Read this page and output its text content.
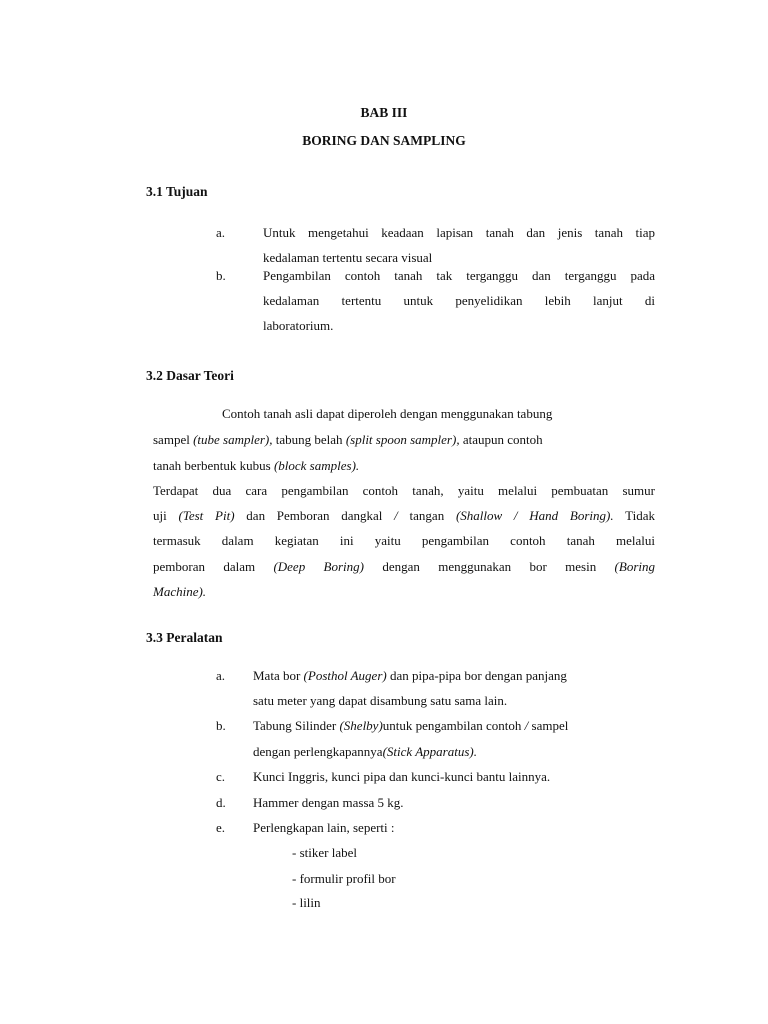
BAB III
BORING DAN SAMPLING
3.1 Tujuan
a.	Untuk mengetahui keadaan lapisan tanah dan jenis tanah tiap
kedalaman tertentu secara visual
b.	Pengambilan contoh tanah tak terganggu dan terganggu pada
kedalaman tertentu untuk penyelidikan lebih lanjut di
laboratorium.
3.2 Dasar Teori
Contoh tanah asli dapat diperoleh dengan menggunakan tabung
sampel (tube sampler), tabung belah (split spoon sampler), ataupun contoh
tanah berbentuk kubus (block samples).
Terdapat dua cara pengambilan contoh tanah, yaitu melalui pembuatan sumur
uji (Test Pit) dan Pemboran dangkal / tangan (Shallow / Hand Boring). Tidak
termasuk dalam kegiatan ini yaitu pengambilan contoh tanah melalui
pemboran dalam (Deep Boring) dengan menggunakan bor mesin (Boring
Machine).
3.3 Peralatan
a. Mata bor (Posthol Auger) dan pipa-pipa bor dengan panjang
satu meter yang dapat disambung satu sama lain.
b. Tabung Silinder (Shelby)untuk pengambilan contoh / sampel
dengan perlengkapannya(Stick Apparatus).
c. Kunci Inggris, kunci pipa dan kunci-kunci bantu lainnya.
d. Hammer dengan massa 5 kg.
e. Perlengkapan lain, seperti :
- stiker label
- formulir profil bor
- lilin
